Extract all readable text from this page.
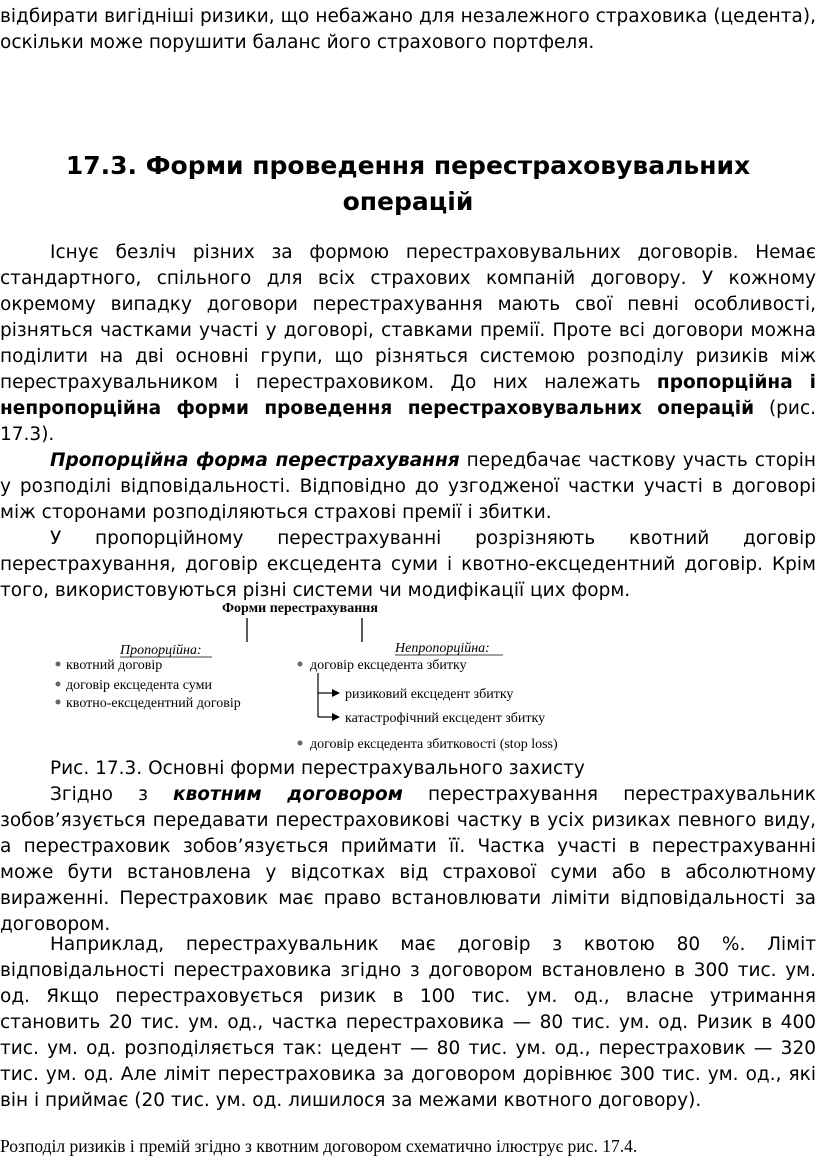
відбирати вигідніші ризики, що небажано для незалежного страховика (цедента), оскільки може порушити баланс його страхового портфеля.

17.3. Форми проведення перестраховувальних операцій

Існує безліч різних за формою перестраховувальних договорів. Немає стандартного, спільного для всіх страхових компаній договору. У кожному окремому випадку договори перестрахування мають свої певні особливості, різняться частками участі у договорі, ставками премії. Проте всі договори можна поділити на дві основні групи, що різняться системою розподілу ризиків між перестрахувальником і перестраховиком. До них належать пропорційна і непропорційна форми проведення перестраховувальних операцій (рис. 17.3).

Пропорційна форма перестрахування передбачає часткову участь сторін у розподілі відповідальності. Відповідно до узгодженої частки участі в договорі між сторонами розподіляються страхові премії і збитки.

У пропорційному перестрахуванні розрізняють квотний договір перестрахування, договір ексцедента суми і квотно-ексцедентний договір. Крім того, використовуються різні системи чи модифікації цих форм.

Форми перестрахування
Пропорційна:
квотний договір
договір ексцедента суми
квотно-ексцедентний договір
Непропорційна:
договір ексцедента збитку
ризиковий ексцедент збитку
катастрофічний ексцедент збитку
договір ексцедента збитковості (stop loss)
Рис. 17.3. Основні форми перестрахувального захисту

Згідно з квотним договором перестрахування перестрахувальник зобов’язується передавати перестраховикові частку в усіх ризиках певного виду, а перестраховик зобов’язується приймати її. Частка участі в перестрахуванні може бути встановлена у відсотках від страхової суми або в абсолютному вираженні. Перестраховик має право встановлювати ліміти відповідальності за договором.

Наприклад, перестрахувальник має договір з квотою 80 %. Ліміт відповідальності перестраховика згідно з договором встановлено в 300 тис. ум. од. Якщо перестраховується ризик в 100 тис. ум. од., власне утримання становить 20 тис. ум. од., частка перестраховика — 80 тис. ум. од. Ризик в 400 тис. ум. од. розподіляється так: цедент — 80 тис. ум. од., перестраховик — 320 тис. ум. од. Але ліміт перестраховика за договором дорівнює 300 тис. ум. од., які він і приймає (20 тис. ум. од. лишилося за межами квотного договору).

Розподіл ризиків і премій згідно з квотним договором схематично ілюструє рис. 17.4.
